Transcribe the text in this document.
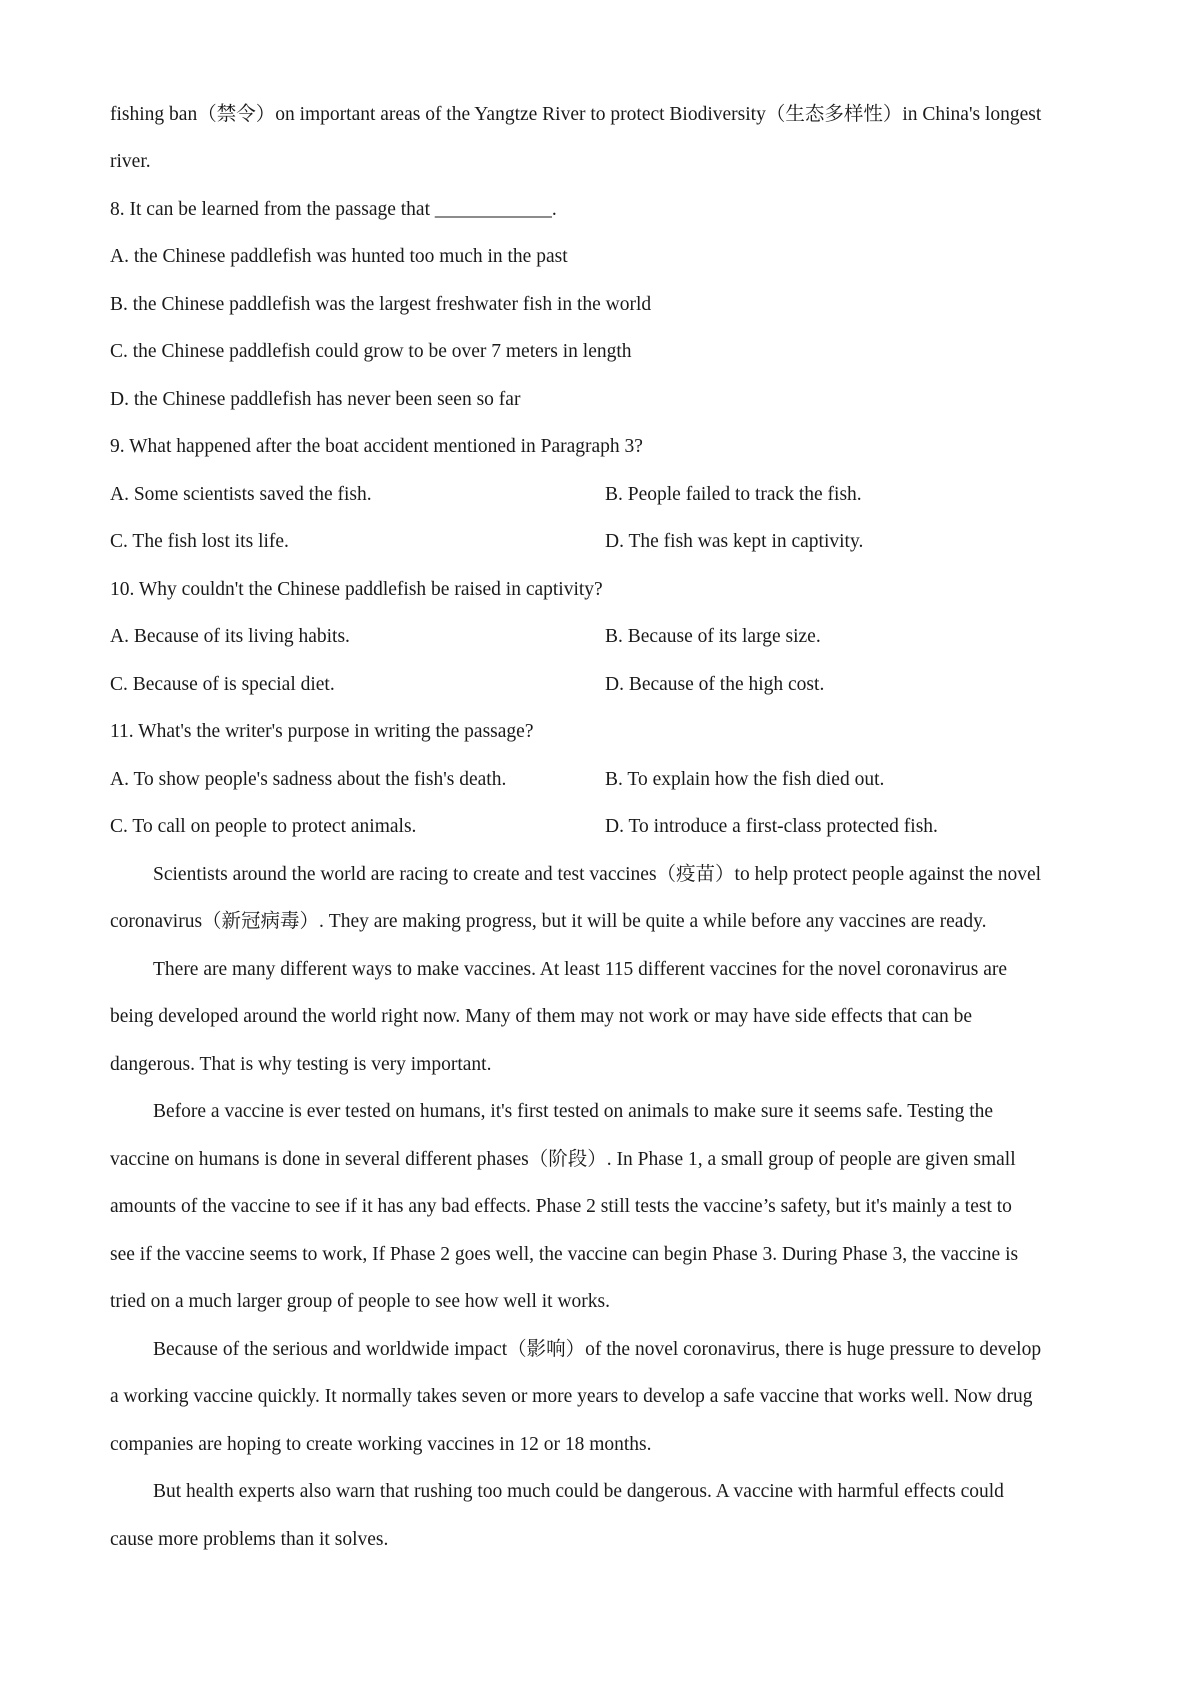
fishing ban（禁令）on important areas of the Yangtze River to protect Biodiversity（生态多样性）in China's longest
river.
8. It can be learned from the passage that ____________.
A. the Chinese paddlefish was hunted too much in the past
B. the Chinese paddlefish was the largest freshwater fish in the world
C. the Chinese paddlefish could grow to be over 7 meters in length
D. the Chinese paddlefish has never been seen so far
9. What happened after the boat accident mentioned in Paragraph 3?
A. Some scientists saved the fish.	B. People failed to track the fish.
C. The fish lost its life.	D. The fish was kept in captivity.
10. Why couldn't the Chinese paddlefish be raised in captivity?
A. Because of its living habits.	B. Because of its large size.
C. Because of is special diet.	D. Because of the high cost.
11. What's the writer's purpose in writing the passage?
A. To show people's sadness about the fish's death.	B. To explain how the fish died out.
C. To call on people to protect animals.	D. To introduce a first-class protected fish.
Scientists around the world are racing to create and test vaccines（疫苗）to help protect people against the novel
coronavirus（新冠病毒）. They are making progress, but it will be quite a while before any vaccines are ready.
There are many different ways to make vaccines. At least 115 different vaccines for the novel coronavirus are
being developed around the world right now. Many of them may not work or may have side effects that can be
dangerous. That is why testing is very important.
Before a vaccine is ever tested on humans, it's first tested on animals to make sure it seems safe. Testing the
vaccine on humans is done in several different phases（阶段）. In Phase 1, a small group of people are given small
amounts of the vaccine to see if it has any bad effects. Phase 2 still tests the vaccine’s safety, but it's mainly a test to
see if the vaccine seems to work, If Phase 2 goes well, the vaccine can begin Phase 3. During Phase 3, the vaccine is
tried on a much larger group of people to see how well it works.
Because of the serious and worldwide impact（影响）of the novel coronavirus, there is huge pressure to develop
a working vaccine quickly. It normally takes seven or more years to develop a safe vaccine that works well. Now drug
companies are hoping to create working vaccines in 12 or 18 months.
But health experts also warn that rushing too much could be dangerous. A vaccine with harmful effects could
cause more problems than it solves.
